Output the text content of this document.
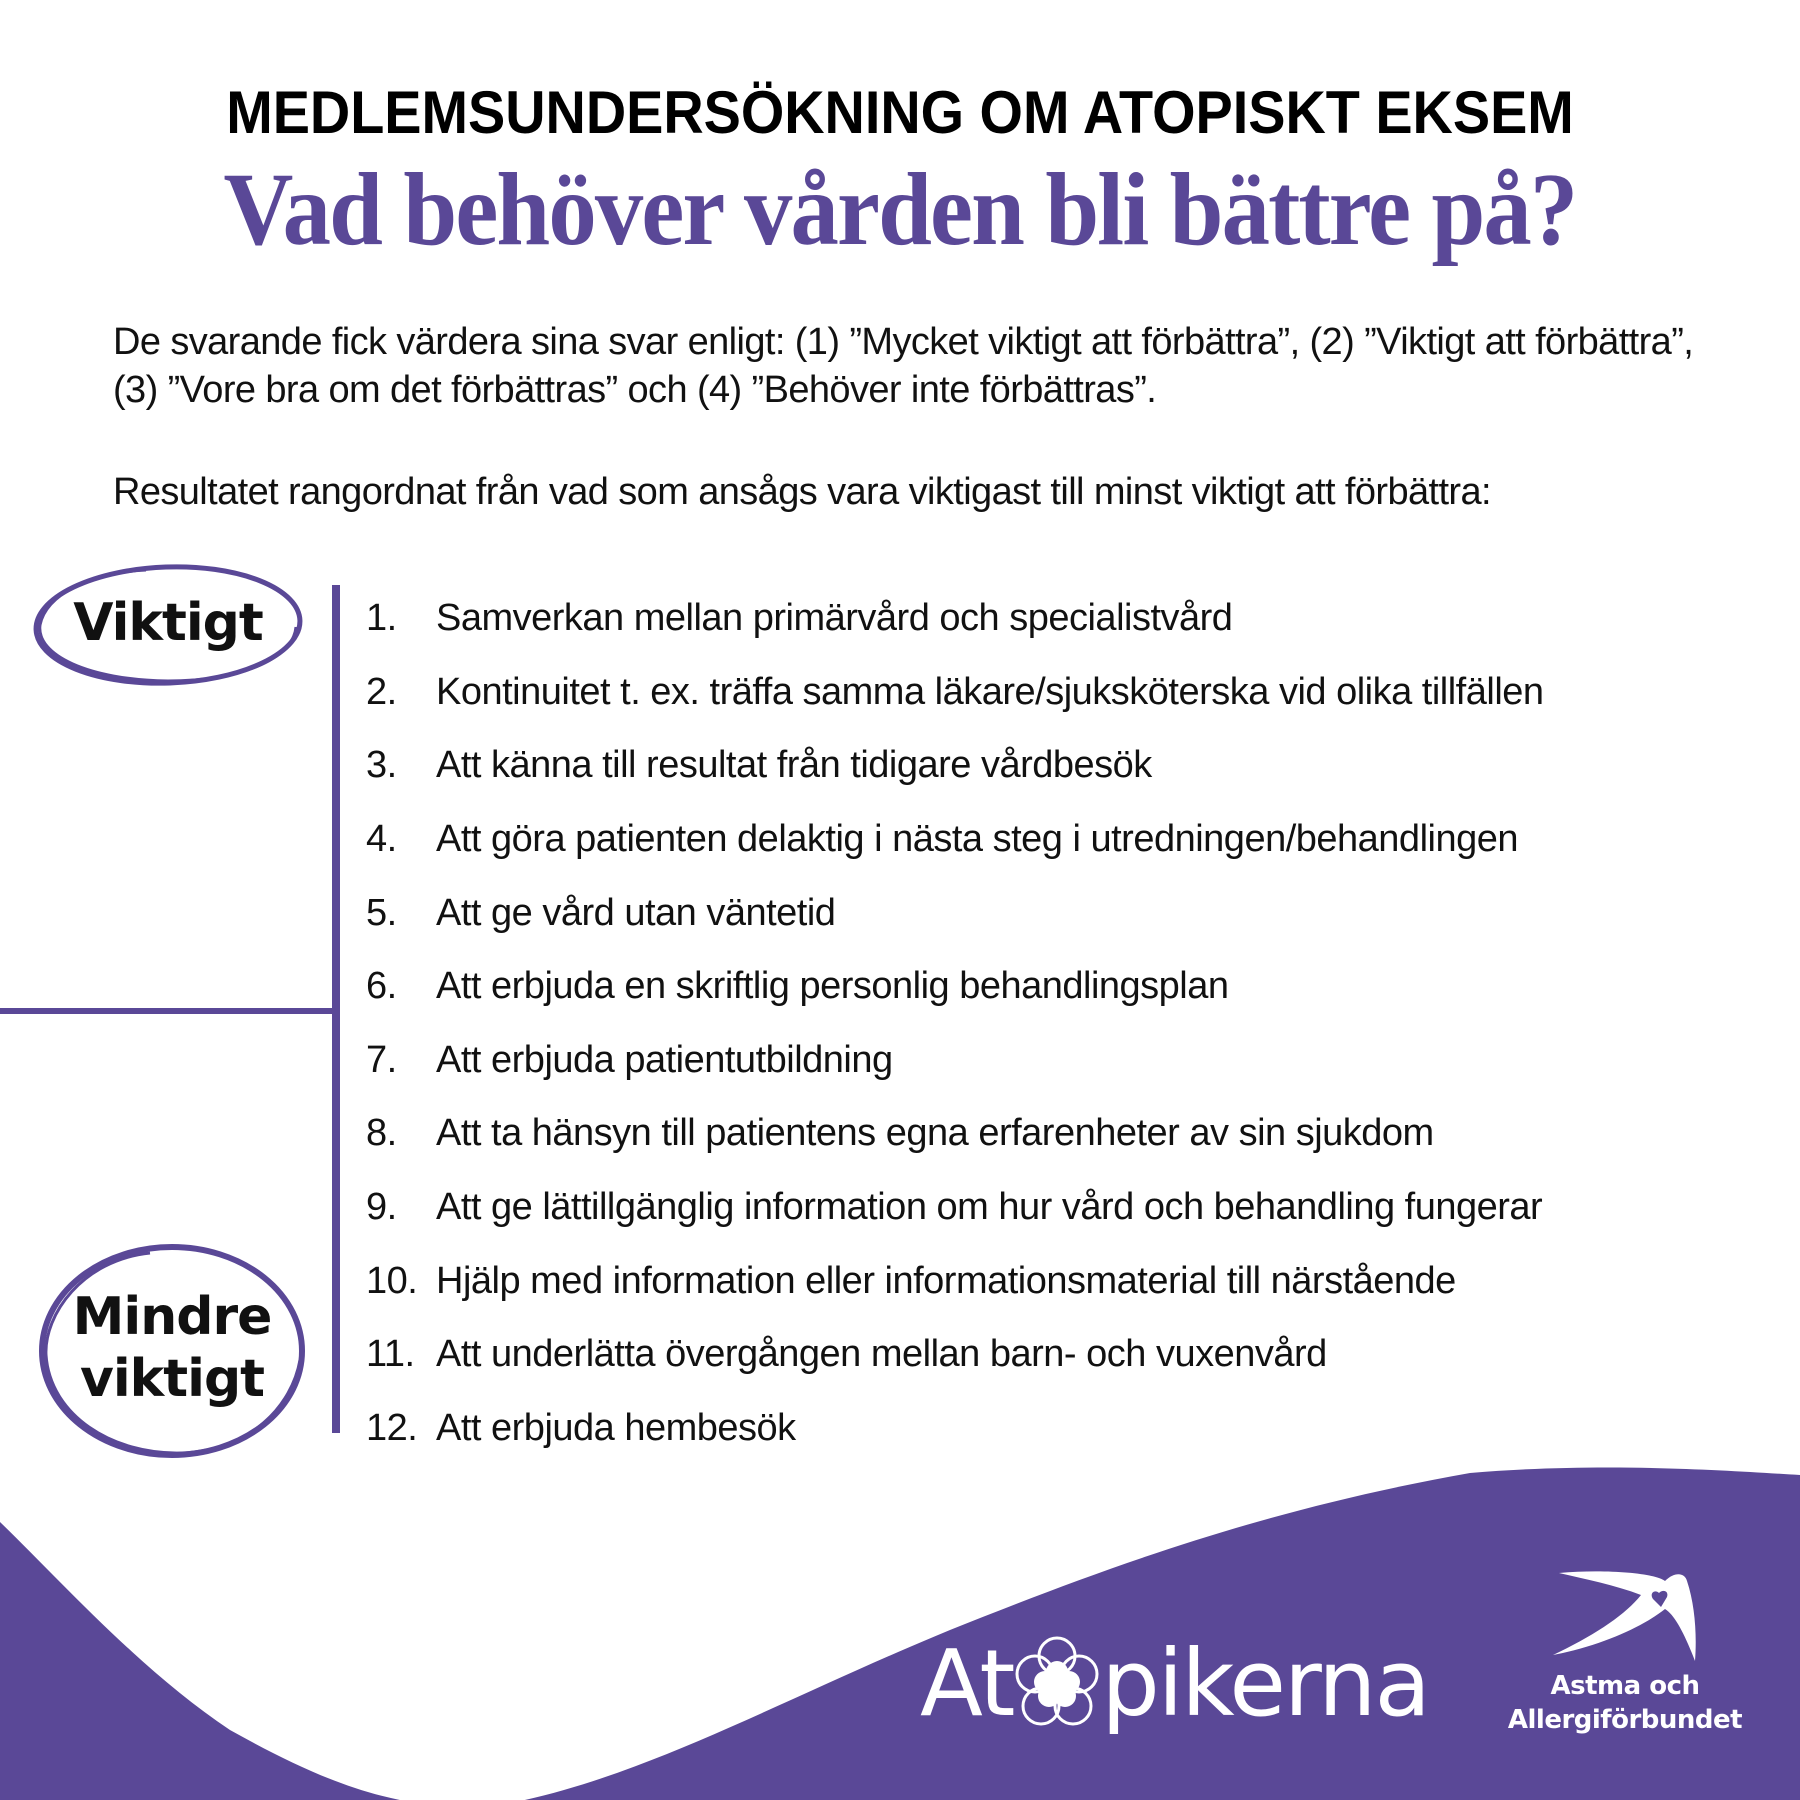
MEDLEMSUNDERSÖKNING OM ATOPISKT EKSEM
Vad behöver vården bli bättre på?
De svarande fick värdera sina svar enligt: (1) ”Mycket viktigt att förbättra”, (2) ”Viktigt att förbättra”, (3) ”Vore bra om det förbättras” och (4) ”Behöver inte förbättras”.
Resultatet rangordnat från vad som ansågs vara viktigast till minst viktigt att förbättra:
Viktigt
Mindre
viktigt
1.	Samverkan mellan primärvård och specialistvård
2.	Kontinuitet t. ex. träffa samma läkare/sjuksköterska vid olika tillfällen
3.	Att känna till resultat från tidigare vårdbesök
4.	Att göra patienten delaktig i nästa steg i utredningen/behandlingen
5.	Att ge vård utan väntetid
6.	Att erbjuda en skriftlig personlig behandlingsplan
7.	Att erbjuda patientutbildning
8.	Att ta hänsyn till patientens egna erfarenheter av sin sjukdom
9.	Att ge lättillgänglig information om hur vård och behandling fungerar
10. Hjälp med information eller informationsmaterial till närstående
11. Att underlätta övergången mellan barn- och vuxenvård
12. Att erbjuda hembesök
At pikerna	Astma och
Allergiförbundet
